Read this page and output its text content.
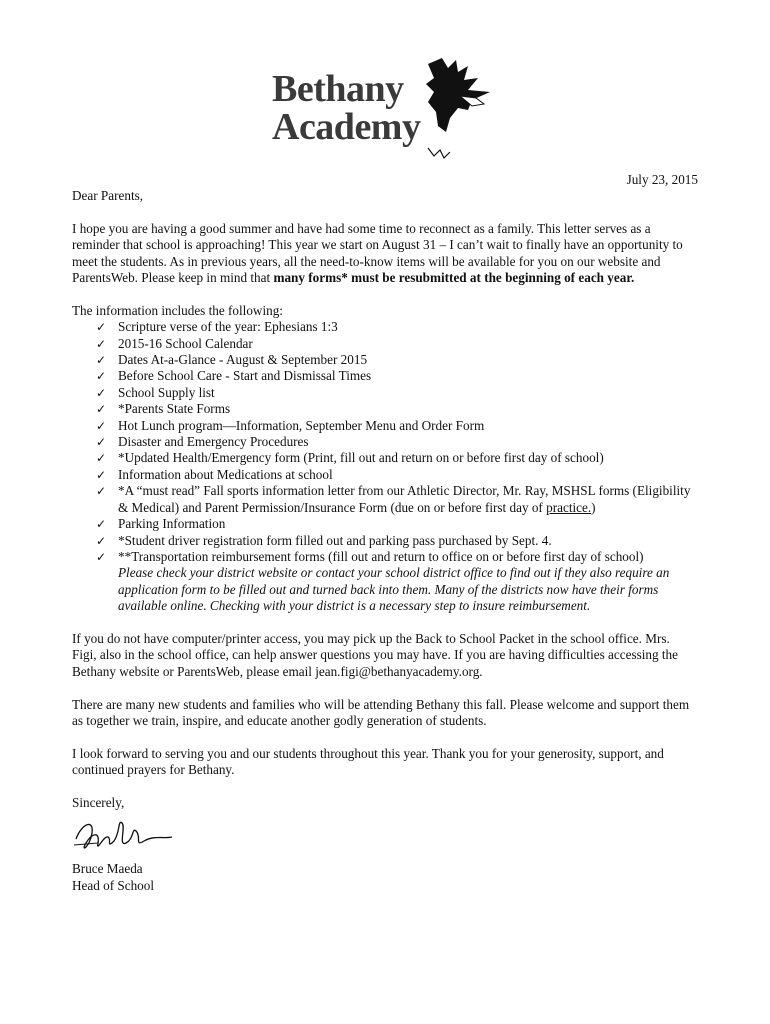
Bethany
Academy
July 23, 2015

Dear Parents,

I hope you are having a good summer and have had some time to reconnect as a family. This letter serves as a reminder that school is approaching! This year we start on August 31 – I can’t wait to finally have an opportunity to meet the students. As in previous years, all the need-to-know items will be available for you on our website and ParentsWeb. Please keep in mind that many forms* must be resubmitted at the beginning of each year.

The information includes the following:

✓ Scripture verse of the year: Ephesians 1:3
✓ 2015-16 School Calendar
✓ Dates At-a-Glance - August & September 2015
✓ Before School Care - Start and Dismissal Times
✓ School Supply list
✓ *Parents State Forms
✓ Hot Lunch program—Information, September Menu and Order Form
✓ Disaster and Emergency Procedures
✓ *Updated Health/Emergency form (Print, fill out and return on or before first day of school)
✓ Information about Medications at school
✓ *A “must read” Fall sports information letter from our Athletic Director, Mr. Ray, MSHSL forms (Eligibility & Medical) and Parent Permission/Insurance Form (due on or before first day of practice.)
✓ Parking Information
✓ *Student driver registration form filled out and parking pass purchased by Sept. 4.
✓ **Transportation reimbursement forms (fill out and return to office on or before first day of school)
Please check your district website or contact your school district office to find out if they also require an application form to be filled out and turned back into them. Many of the districts now have their forms available online. Checking with your district is a necessary step to insure reimbursement.

If you do not have computer/printer access, you may pick up the Back to School Packet in the school office. Mrs. Figi, also in the school office, can help answer questions you may have. If you are having difficulties accessing the Bethany website or ParentsWeb, please email jean.figi@bethanyacademy.org.

There are many new students and families who will be attending Bethany this fall. Please welcome and support them as together we train, inspire, and educate another godly generation of students.

I look forward to serving you and our students throughout this year. Thank you for your generosity, support, and continued prayers for Bethany.

Sincerely,

Bruce Maeda

Head of School
